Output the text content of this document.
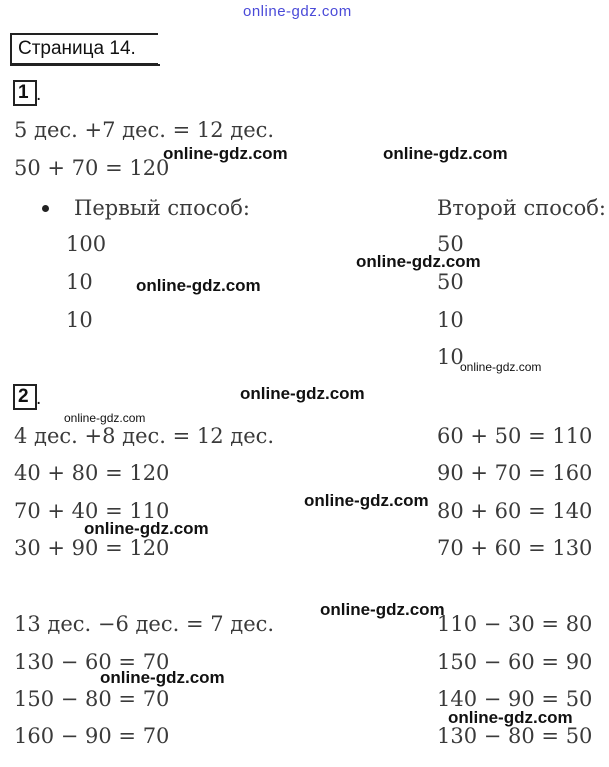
online-gdz.com
Страница 14.
1 .
5 дес. +7 дес. = 12 дес.
50 + 70 = 120
Первый способ:	Второй способ:
100
10
10
50
50
10
10
2 .
4 дес. +8 дес. = 12 дес.
40 + 80 = 120
70 + 40 = 110
30 + 90 = 120
60 + 50 = 110
90 + 70 = 160
80 + 60 = 140
70 + 60 = 130
13 дес. −6 дес. = 7 дес.
130 − 60 = 70
150 − 80 = 70
160 − 90 = 70
110 − 30 = 80
150 − 60 = 90
140 − 90 = 50
130 − 80 = 50
online-gdz.com	online-gdz.com
online-gdz.com
online-gdz.com
online-gdz.com
online-gdz.com
online-gdz.com
online-gdz.com
online-gdz.com
online-gdz.com
online-gdz.com
online-gdz.com
